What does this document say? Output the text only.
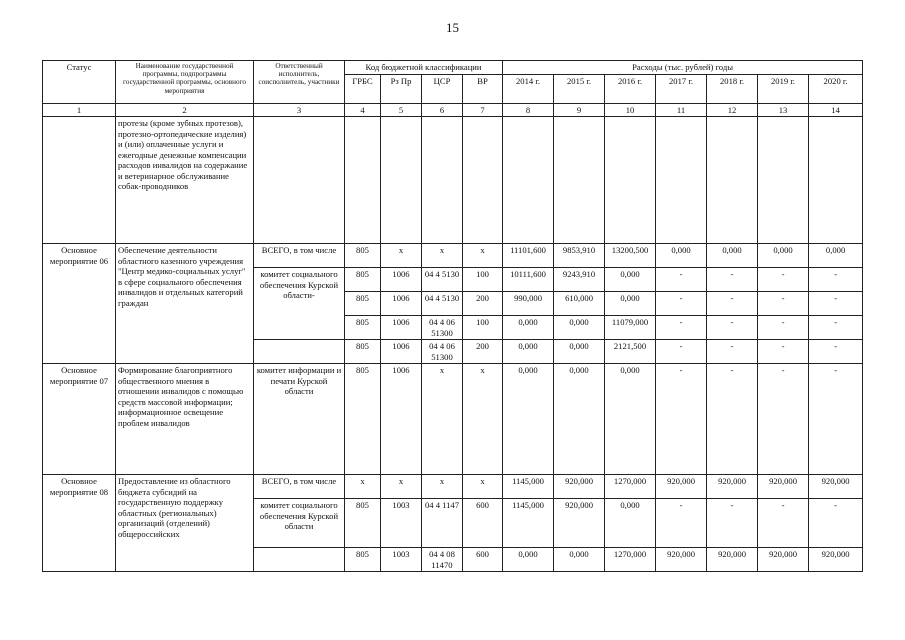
15
Статус	Наименование государственной программы, подпрограммы государственной программы, основного мероприятия	Ответственный исполнитель, соисполнитель, участники	Код бюджетной классификации				Расходы (тыс. рублей) годы						
			ГРБС	Рз Пр	ЦСР	ВР	2014 г.	2015 г.	2016 г.	2017 г.	2018 г.	2019 г.	2020 г.
1	2	3	4	5	6	7	8	9	10	11	12	13	14
	протезы (кроме зубных протезов), протезно-ортопедические изделия) и (или) оплаченные услуги и ежегодные денежные компенсации расходов инвалидов на содержание и ветеринарное обслуживание собак-проводников												
Основное мероприятие 06	Обеспечение деятельности областного казенного учреждения "Центр медико-социальных услуг" в сфере социального обеспечения инвалидов и отдельных категорий граждан	ВСЕГО, в том числе	805	х	х	х	11101,600	9853,910	13200,500	0,000	0,000	0,000	0,000
		комитет социального обеспечения Курской области-	805	1006	04 4 5130	100	10111,600	9243,910	0,000	-	-	-	-
			805	1006	04 4 5130	200	990,000	610,000	0,000	-	-	-	-
			805	1006	04 4 06 51300	100	0,000	0,000	11079,000	-	-	-	-
			805	1006	04 4 06 51300	200	0,000	0,000	2121,500	-	-	-	-
Основное мероприятие 07	Формирование благоприятного общественного мнения в отношении инвалидов с помощью средств массовой информации; информационное освещение проблем инвалидов	комитет информации и печати Курской области	805	1006	х	х	0,000	0,000	0,000	-	-	-	-
Основное мероприятие 08	Предоставление из областного бюджета субсидий на государственную поддержку областных (региональных) организаций (отделений) общероссийских	ВСЕГО, в том числе	х	х	х	х	1145,000	920,000	1270,000	920,000	920,000	920,000	920,000
		комитет социального обеспечения Курской области	805	1003	04 4 1147	600	1145,000	920,000	0,000	-	-	-	-
			805	1003	04 4 08 11470	600	0,000	0,000	1270,000	920,000	920,000	920,000	920,000
